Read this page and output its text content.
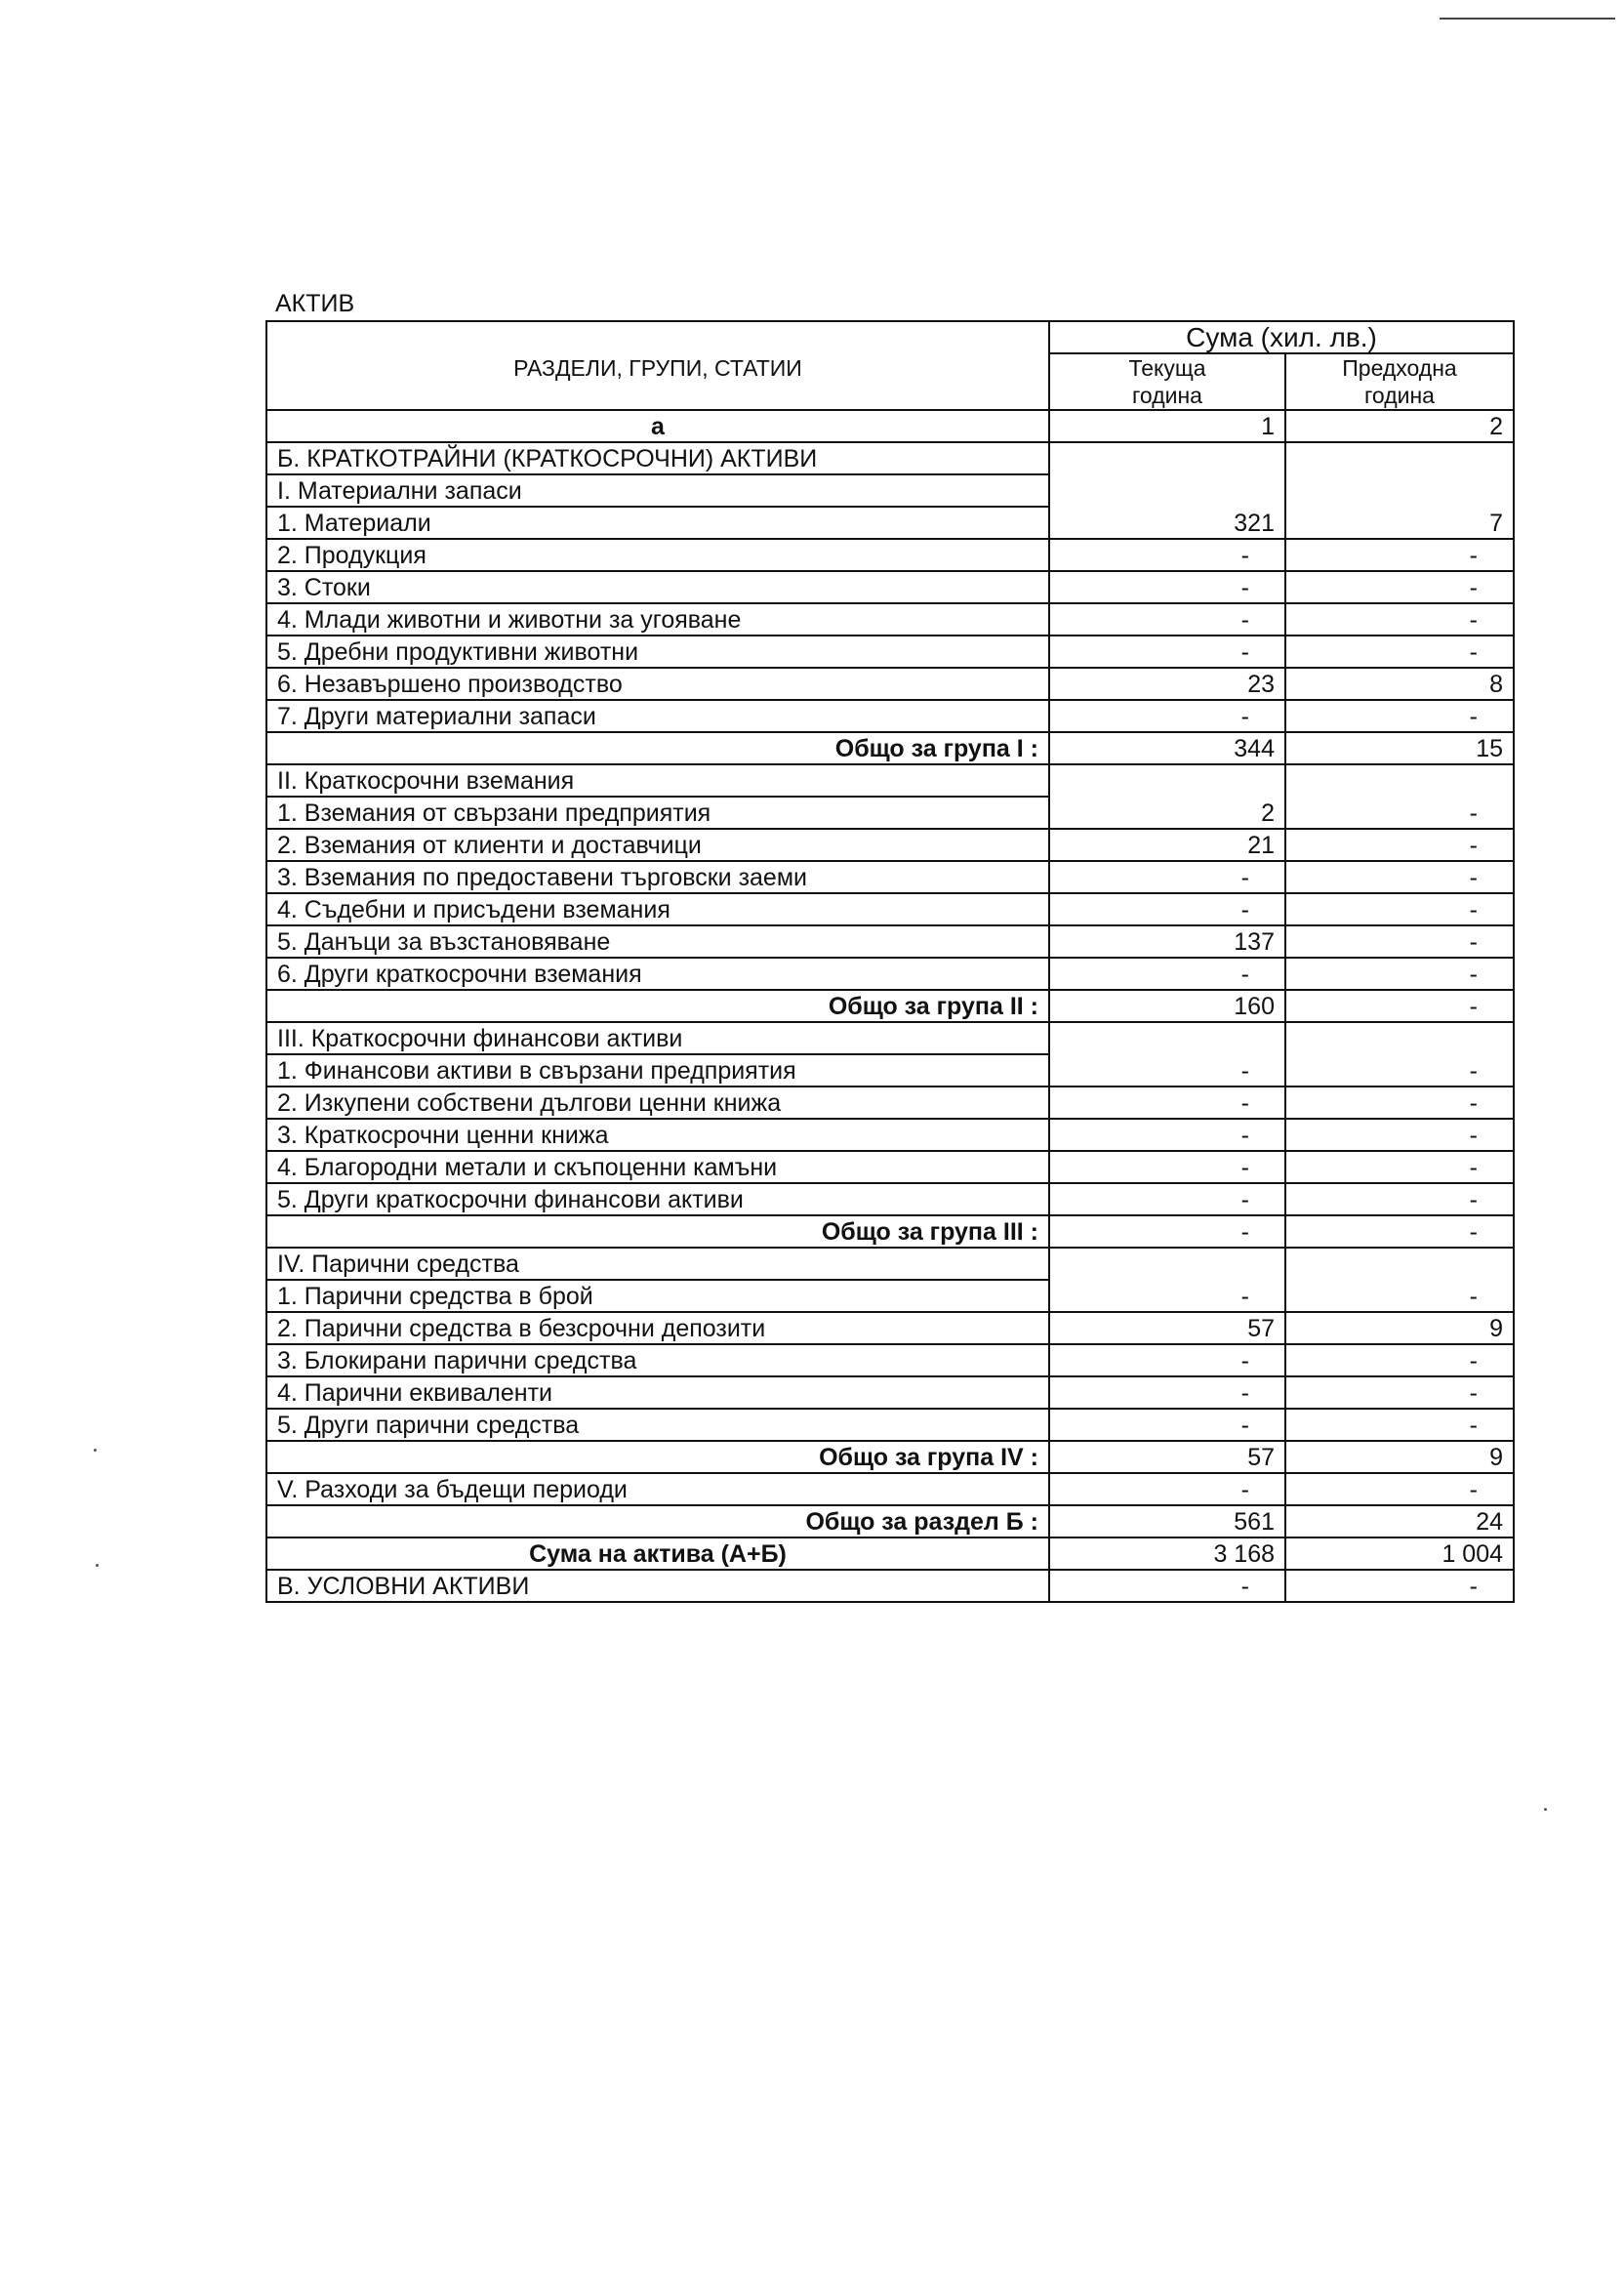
АКТИВ
	Сума (хил. лв.)	
РАЗДЕЛИ, ГРУПИ, СТАТИИ	Текуща	Предходна
	година	година
а	1	2
Б. КРАТКОТРАЙНИ (КРАТКОСРОЧНИ) АКТИВИ		
I. Материални запаси		
1. Материали	321	7
2. Продукция	-	-
3. Стоки	-	-
4. Млади животни и животни за угояване	-	-
5. Дребни продуктивни животни	-	-
6. Незавършено производство	23	8
7. Други материални запаси	-	-
Общо за група I :	344	15
II. Краткосрочни вземания		
1. Вземания от свързани предприятия	2	-
2. Вземания от клиенти и доставчици	21	-
3. Вземания по предоставени търговски заеми	-	-
4. Съдебни и присъдени вземания	-	-
5. Данъци за възстановяване	137	-
6. Други краткосрочни вземания	-	-
Общо за група II :	160	-
III. Краткосрочни финансови активи		
1. Финансови активи в свързани предприятия	-	-
2. Изкупени собствени дългови ценни книжа	-	-
3. Краткосрочни ценни книжа	-	-
4. Благородни метали и скъпоценни камъни	-	-
5. Други краткосрочни финансови активи	-	-
Общо за група III :	-	-
IV. Парични средства		
1. Парични средства в брой	-	-
2. Парични средства в безсрочни депозити	57	9
3. Блокирани парични средства	-	-
4. Парични еквиваленти	-	-
5. Други парични средства	-	-
Общо за група IV :	57	9
V. Разходи за бъдещи периоди	-	-
Общо за раздел Б :	561	24
Сума на актива (А+Б)	3 168	1 004
В. УСЛОВНИ АКТИВИ	-	-
